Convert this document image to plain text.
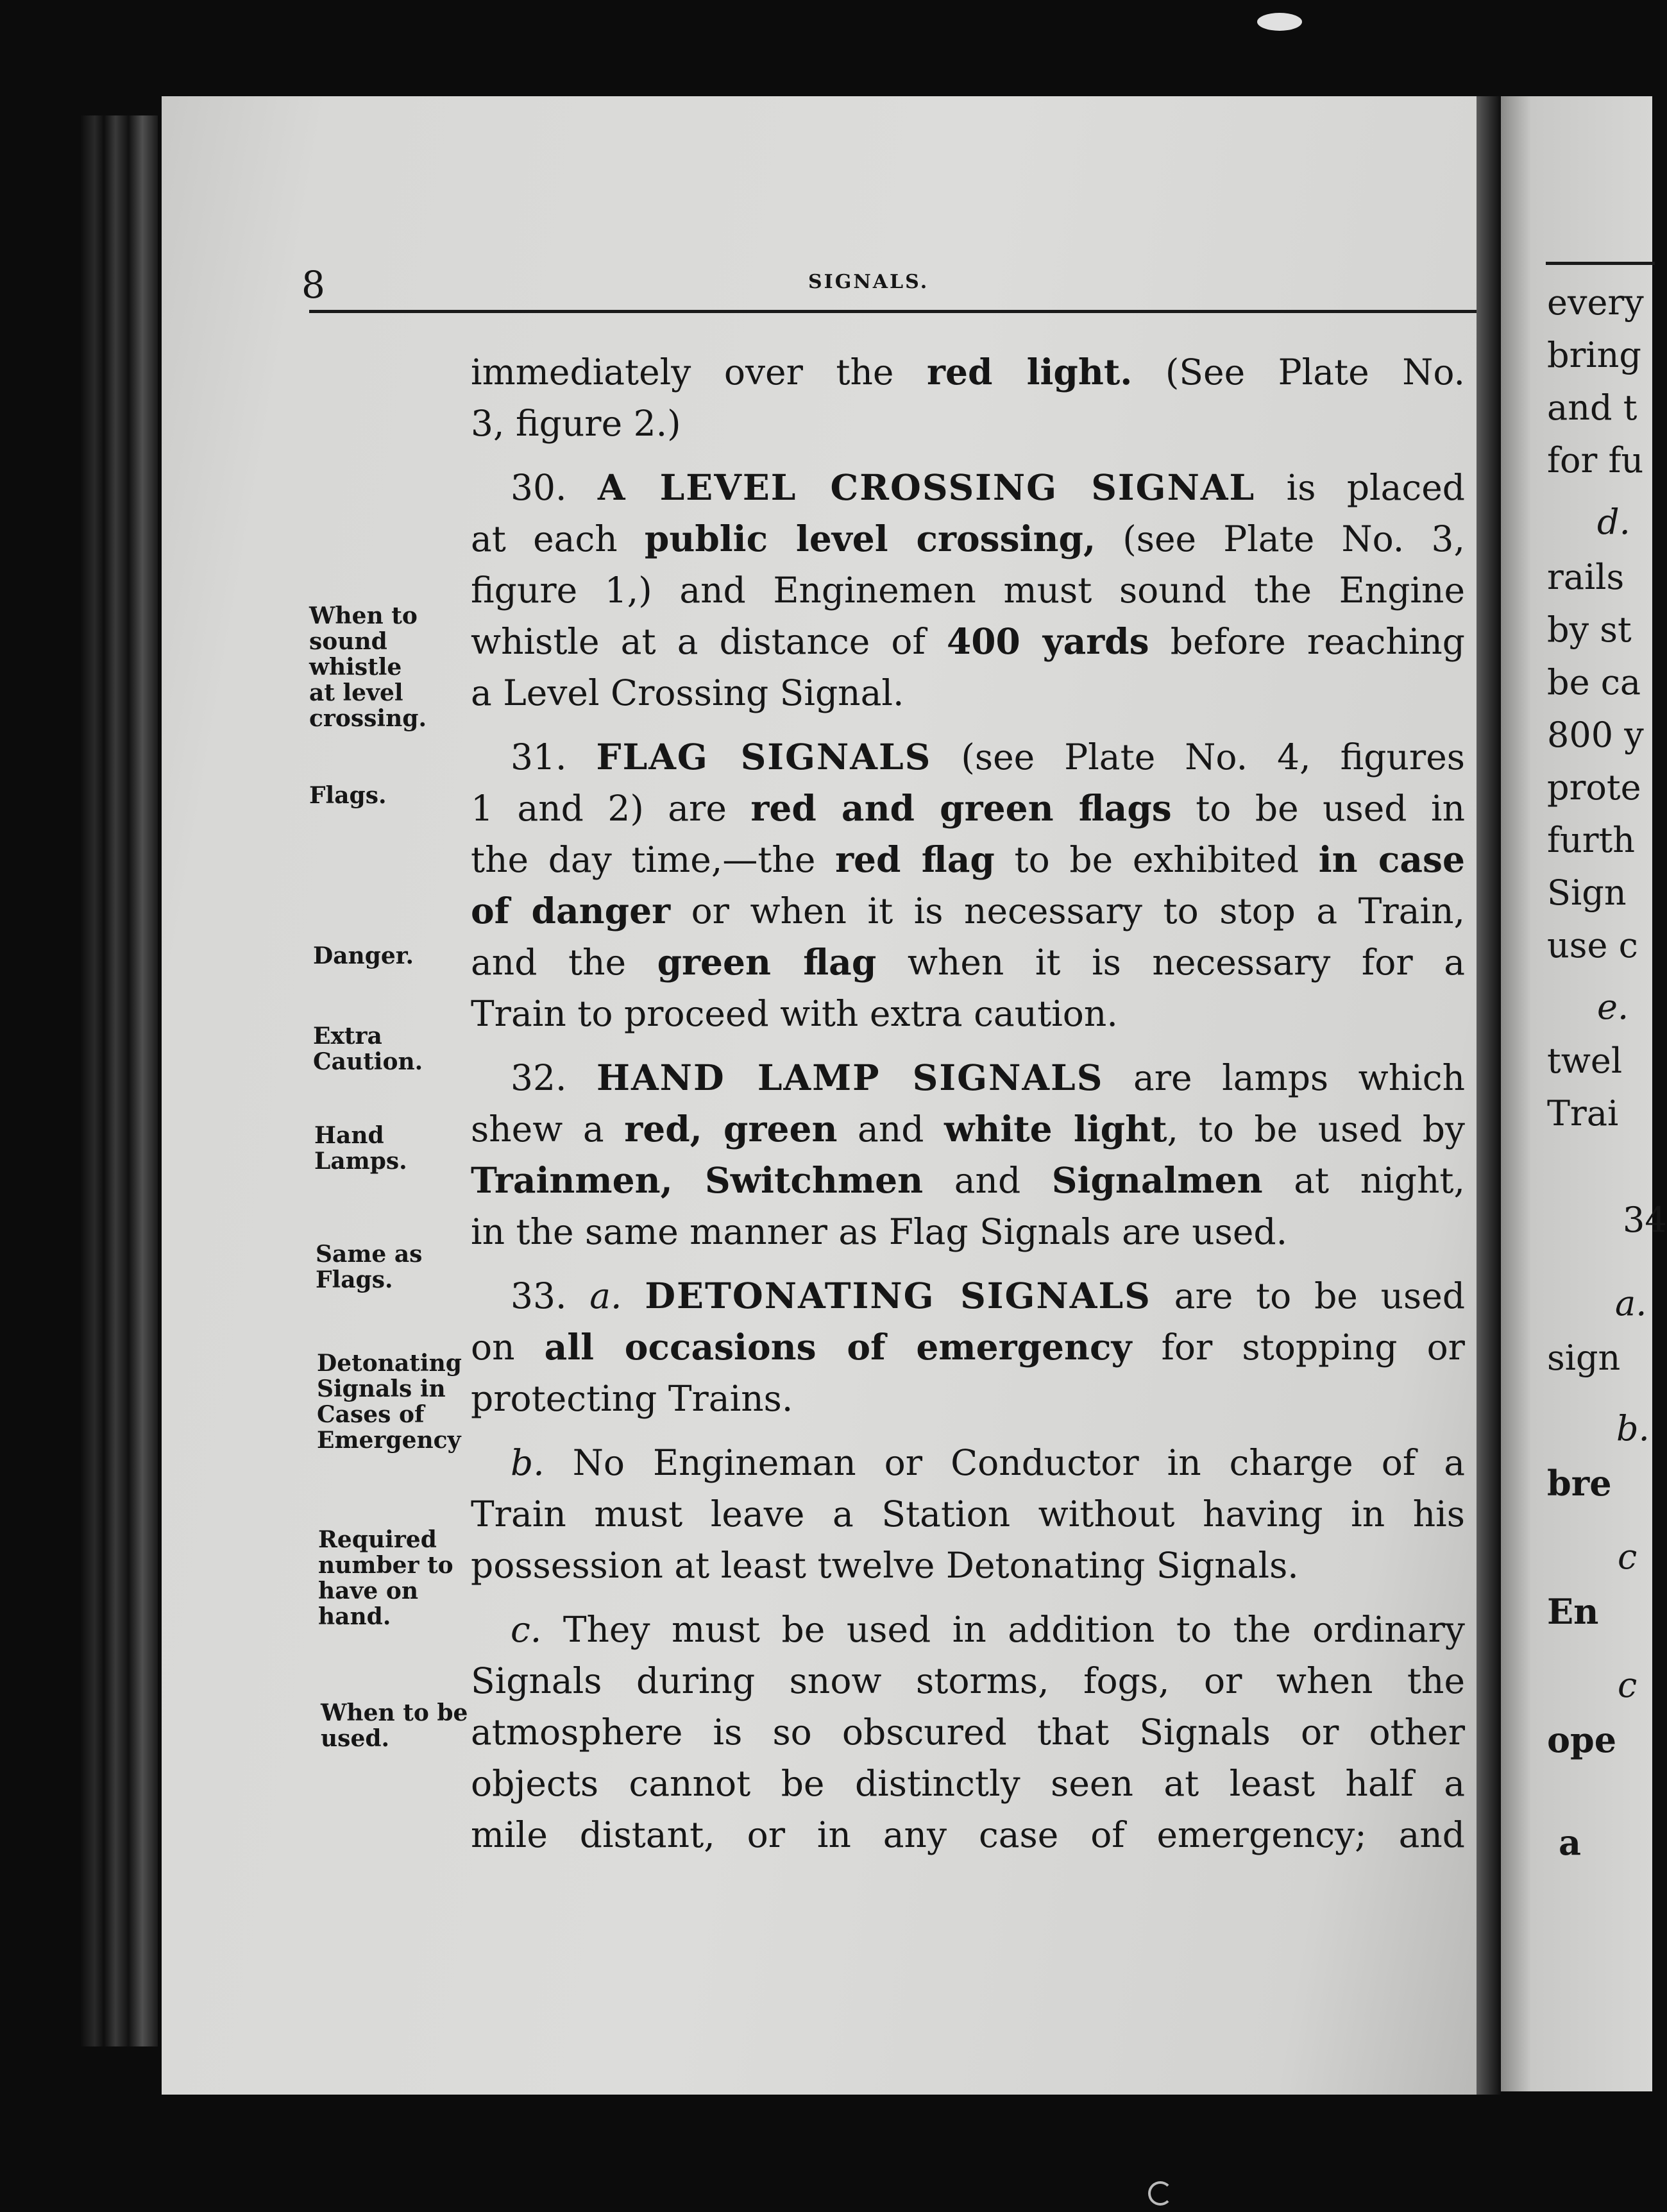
8	SIGNALS.
immediately over the red light. (See Plate No.
3, figure 2.)
30. A LEVEL CROSSING SIGNAL is placed
at each public level crossing, (see Plate No. 3,
figure 1,) and Enginemen must sound the Engine
whistle at a distance of 400 yards before reaching
a Level Crossing Signal.
31. FLAG SIGNALS (see Plate No. 4, figures
1 and 2) are red and green flags to be used in
the day time,—the red flag to be exhibited in case
of danger or when it is necessary to stop a Train,
and the green flag when it is necessary for a
Train to proceed with extra caution.
32. HAND LAMP SIGNALS are lamps which
shew a red, green and white light, to be used by
Trainmen, Switchmen and Signalmen at night,
in the same manner as Flag Signals are used.
33. a. DETONATING SIGNALS are to be used
on all occasions of emergency for stopping or
protecting Trains.
b. No Engineman or Conductor in charge of a
Train must leave a Station without having in his
possession at least twelve Detonating Signals.
c. They must be used in addition to the ordinary
Signals during snow storms, fogs, or when the
atmosphere is so obscured that Signals or other
objects cannot be distinctly seen at least half a
mile distant, or in any case of emergency; and
When to
sound
whistle
at level
crossing.
Flags.
Danger.
Extra
Caution.
Hand
Lamps.
Same as
Flags.
Detonating
Signals in
Cases of
Emergency
Required
number to
have on
hand.
When to be
used.
every
bring
and t
for fu
d.
rails
by st
be ca
800 y
prote
furth
Sign
use c
e.
twel
Trai
34
a.
sign
b.
bre
c
En
c
ope
a
